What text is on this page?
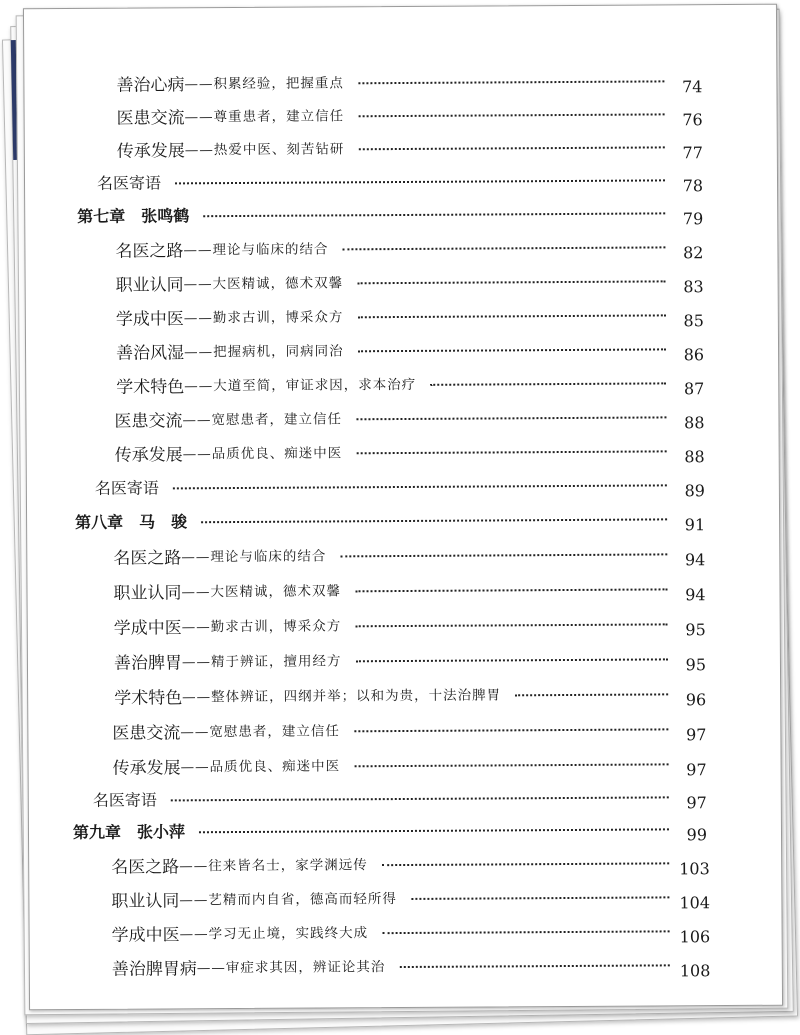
善治心病 ——积累经验，把握重点	74
医患交流 ——尊重患者，建立信任	76
传承发展 ——热爱中医、刻苦钻研	77
名医寄语	78
第七章　张鸣鹤	79
名医之路 ——理论与临床的结合	82
职业认同 ——大医精诚，德术双馨	83
学成中医 ——勤求古训，博采众方	85
善治风湿 ——把握病机，同病同治	86
学术特色 ——大道至简，审证求因，求本治疗	87
医患交流 ——宽慰患者，建立信任	88
传承发展 ——品质优良、痴迷中医	88
名医寄语	89
第八章　马　骏	91
名医之路 ——理论与临床的结合	94
职业认同 ——大医精诚，德术双馨	94
学成中医 ——勤求古训，博采众方	95
善治脾胃 ——精于辨证，擅用经方	95
学术特色 ——整体辨证，四纲并举；以和为贵，十法治脾胃	96
医患交流 ——宽慰患者，建立信任	97
传承发展 ——品质优良、痴迷中医	97
名医寄语	97
第九章　张小萍	99
名医之路 ——往来皆名士，家学渊远传	103
职业认同 ——艺精而内自省，德高而轻所得	104
学成中医 ——学习无止境，实践终大成	106
善治脾胃病 ——审症求其因，辨证论其治	108
